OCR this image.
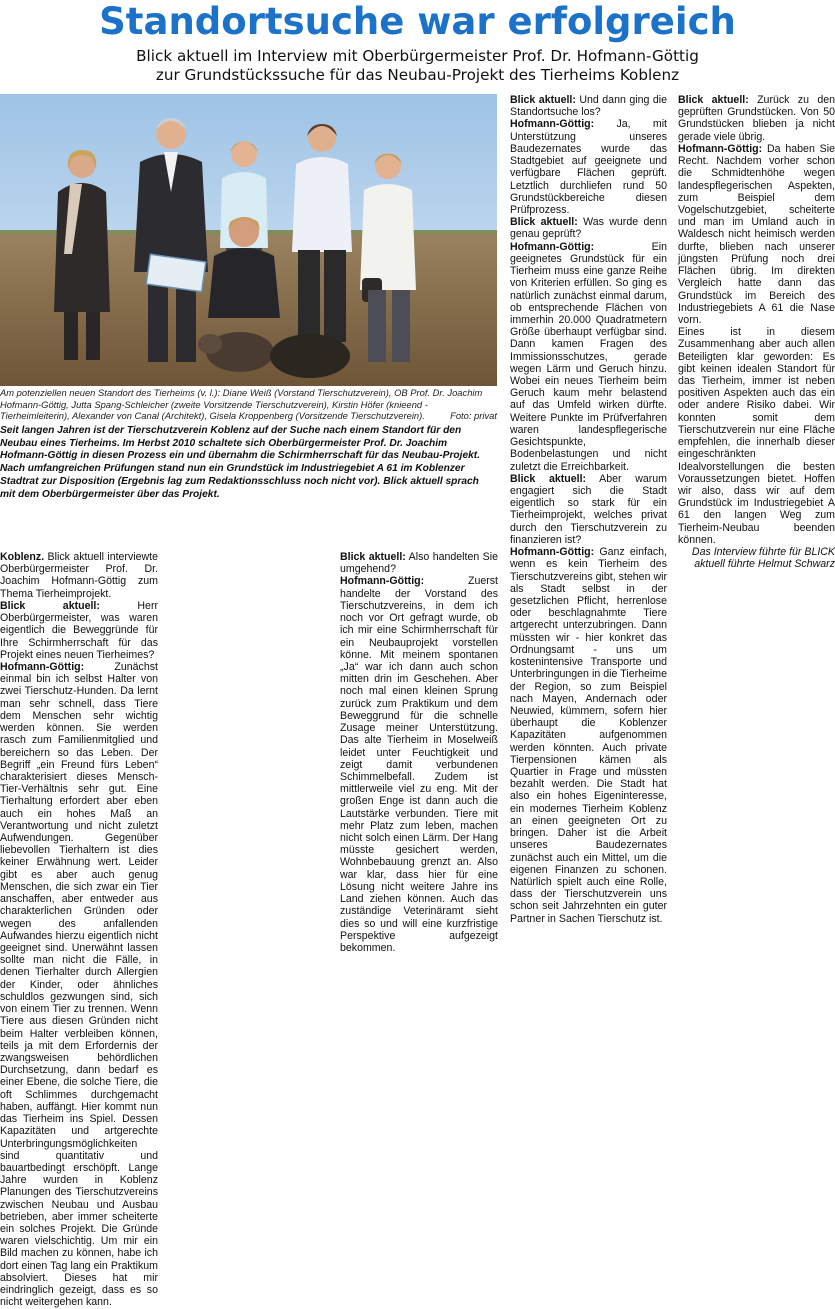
Standortsuche war erfolgreich
Blick aktuell im Interview mit Oberbürgermeister Prof. Dr. Hofmann-Göttig
zur Grundstückssuche für das Neubau-Projekt des Tierheims Koblenz

Am potenziellen neuen Standort des Tierheims (v. l.): Diane Weiß (Vorstand Tierschutzverein), OB Prof. Dr. Joachim Hofmann-Göttig, Jutta Spang-Schleicher (zweite Vorsitzende Tierschutzverein), Kirstin Höfer (knieend -Tierheimleiterin), Alexander von Canal (Architekt), Gisela Kroppenberg (Vorsitzende Tierschutzverein).	Foto: privat

Seit langen Jahren ist der Tierschutzverein Koblenz auf der Suche nach einem Standort für den Neubau eines Tierheims. Im Herbst 2010 schaltete sich Oberbürgermeister Prof. Dr. Joachim Hofmann-Göttig in diesen Prozess ein und übernahm die Schirmherrschaft für das Neubau-Projekt. Nach umfangreichen Prüfungen stand nun ein Grundstück im Industriegebiet A 61 im Koblenzer Stadtrat zur Disposition (Ergebnis lag zum Redaktionsschluss noch nicht vor). Blick aktuell sprach mit dem Oberbürgermeister über das Projekt.

Koblenz. Blick aktuell interviewte Oberbürgermeister Prof. Dr. Joachim Hofmann-Göttig zum Thema Tierheimprojekt.

Blick aktuell: Herr Oberbürgermeister, was waren eigentlich die Beweggründe für Ihre Schirmherrschaft für das Projekt eines neuen Tierheimes?

Hofmann-Göttig: Zunächst einmal bin ich selbst Halter von zwei Tierschutz-Hunden. Da lernt man sehr schnell, dass Tiere dem Menschen sehr wichtig werden können. Sie werden rasch zum Familienmitglied und bereichern so das Leben. Der Begriff „ein Freund fürs Leben“ charakterisiert dieses Mensch-Tier-Verhältnis sehr gut. Eine Tierhaltung erfordert aber eben auch ein hohes Maß an Verantwortung und nicht zuletzt Aufwendungen. Gegenüber liebevollen Tierhaltern ist dies keiner Erwähnung wert. Leider gibt es aber auch genug Menschen, die sich zwar ein Tier anschaffen, aber entweder aus charakterlichen Gründen oder wegen des anfallenden Aufwandes hierzu eigentlich nicht geeignet sind. Unerwähnt lassen sollte man nicht die Fälle, in denen Tierhalter durch Allergien der Kinder, oder ähnliches schuldlos gezwungen sind, sich von einem Tier zu trennen. Wenn Tiere aus diesen Gründen nicht beim Halter verbleiben können, teils ja mit dem Erfordernis der zwangsweisen behördlichen Durchsetzung, dann bedarf es einer Ebene, die solche Tiere, die oft Schlimmes durchgemacht haben, auffängt. Hier kommt nun das Tierheim ins Spiel. Dessen Kapazitäten und artgerechte Unterbringungsmöglichkeiten sind quantitativ und bauartbedingt erschöpft. Lange Jahre wurden in Koblenz Planungen des Tierschutzvereins zwischen Neubau und Ausbau betrieben, aber immer scheiterte ein solches Projekt. Die Gründe waren vielschichtig. Um mir ein Bild machen zu können, habe ich dort einen Tag lang ein Praktikum absolviert. Dieses hat mir eindringlich gezeigt, dass es so nicht weitergehen kann.

Blick aktuell: Also handelten Sie umgehend?

Hofmann-Göttig: Zuerst handelte der Vorstand des Tierschutzvereins, in dem ich noch vor Ort gefragt wurde, ob ich mir eine Schirmherrschaft für ein Neubauprojekt vorstellen könne. Mit meinem spontanen „Ja“ war ich dann auch schon mitten drin im Geschehen. Aber noch mal einen kleinen Sprung zurück zum Praktikum und dem Beweggrund für die schnelle Zusage meiner Unterstützung. Das alte Tierheim in Moselweiß leidet unter Feuchtigkeit und zeigt damit verbundenen Schimmelbefall. Zudem ist mittlerweile viel zu eng. Mit der großen Enge ist dann auch die Lautstärke verbunden. Tiere mit mehr Platz zum leben, machen nicht solch einen Lärm. Der Hang müsste gesichert werden, Wohnbebauung grenzt an. Also war klar, dass hier für eine Lösung nicht weitere Jahre ins Land ziehen können. Auch das zuständige Veterinäramt sieht dies so und will eine kurzfristige Perspektive aufgezeigt bekommen.

Blick aktuell: Und dann ging die Standortsuche los?

Hofmann-Göttig: Ja, mit Unterstützung unseres Baudezernates wurde das Stadtgebiet auf geeignete und verfügbare Flächen geprüft. Letztlich durchliefen rund 50 Grundstückbereiche diesen Prüfprozess.

Blick aktuell: Was wurde denn genau geprüft?

Hofmann-Göttig: Ein geeignetes Grundstück für ein Tierheim muss eine ganze Reihe von Kriterien erfüllen. So ging es natürlich zunächst einmal darum, ob entsprechende Flächen von immerhin 20.000 Quadratmetern Größe überhaupt verfügbar sind. Dann kamen Fragen des Immissionsschutzes, gerade wegen Lärm und Geruch hinzu. Wobei ein neues Tierheim beim Geruch kaum mehr belastend auf das Umfeld wirken dürfte. Weitere Punkte im Prüfverfahren waren landespflegerische Gesichtspunkte, Bodenbelastungen und nicht zuletzt die Erreichbarkeit.

Blick aktuell: Aber warum engagiert sich die Stadt eigentlich so stark für ein Tierheimprojekt, welches privat durch den Tierschutzverein zu finanzieren ist?

Hofmann-Göttig: Ganz einfach, wenn es kein Tierheim des Tierschutzvereins gibt, stehen wir als Stadt selbst in der gesetzlichen Pflicht, herrenlose oder beschlagnahmte Tiere artgerecht unterzubringen. Dann müssten wir - hier konkret das Ordnungsamt - uns um kostenintensive Transporte und Unterbringungen in die Tierheime der Region, so zum Beispiel nach Mayen, Andernach oder Neuwied, kümmern, sofern hier überhaupt die Koblenzer Kapazitäten aufgenommen werden könnten. Auch private Tierpensionen kämen als Quartier in Frage und müssten bezahlt werden. Die Stadt hat also ein hohes Eigeninteresse, ein modernes Tierheim Koblenz an einen geeigneten Ort zu bringen. Daher ist die Arbeit unseres Baudezernates zunächst auch ein Mittel, um die eigenen Finanzen zu schonen. Natürlich spielt auch eine Rolle, dass der Tierschutzverein uns schon seit Jahrzehnten ein guter Partner in Sachen Tierschutz ist.

Blick aktuell: Zurück zu den geprüften Grundstücken. Von 50 Grundstücken blieben ja nicht gerade viele übrig.

Hofmann-Göttig: Da haben Sie Recht. Nachdem vorher schon die Schmidtenhöhe wegen landespflegerischen Aspekten, zum Beispiel dem Vogelschutzgebiet, scheiterte und man im Umland auch in Waldesch nicht heimisch werden durfte, blieben nach unserer jüngsten Prüfung noch drei Flächen übrig. Im direkten Vergleich hatte dann das Grundstück im Bereich des Industriegebiets A 61 die Nase vorn.

Eines ist in diesem Zusammenhang aber auch allen Beteiligten klar geworden: Es gibt keinen idealen Standort für das Tierheim, immer ist neben positiven Aspekten auch das ein oder andere Risiko dabei. Wir konnten somit dem Tierschutzverein nur eine Fläche empfehlen, die innerhalb dieser eingeschränkten Idealvorstellungen die besten Voraussetzungen bietet. Hoffen wir also, dass wir auf dem Grundstück im Industriegebiet A 61 den langen Weg zum Tierheim-Neubau beenden können.

Das Interview führte für BLICK aktuell führte Helmut Schwarz
